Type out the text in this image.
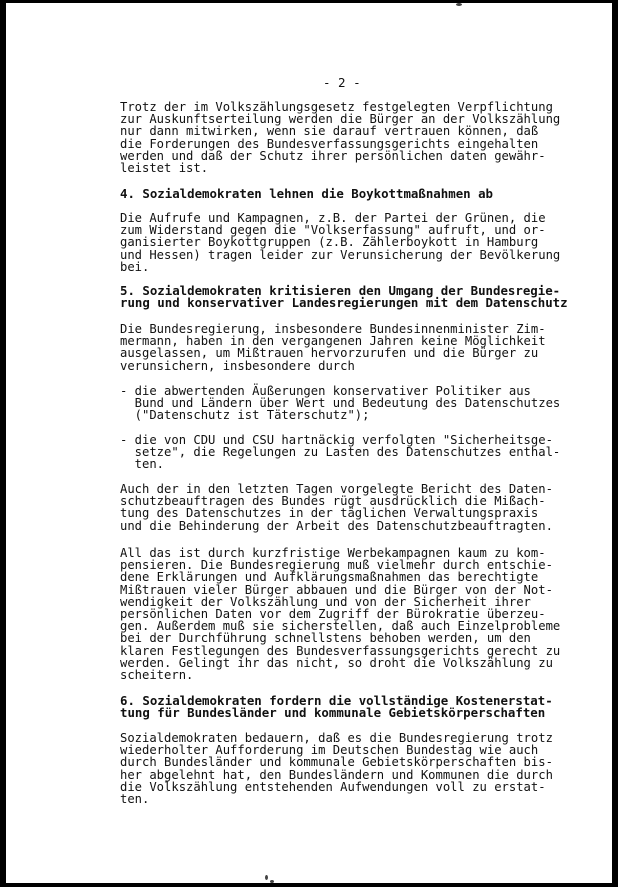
- 2 -

Trotz der im Volkszählungsgesetz festgelegten Verpflichtung
zur Auskunftserteilung werden die Bürger an der Volkszählung
nur dann mitwirken, wenn sie darauf vertrauen können, daß
die Forderungen des Bundesverfassungsgerichts eingehalten
werden und daß der Schutz ihrer persönlichen daten gewähr-
leistet ist.

4. Sozialdemokraten lehnen die Boykottmaßnahmen ab

Die Aufrufe und Kampagnen, z.B. der Partei der Grünen, die
zum Widerstand gegen die "Volkserfassung" aufruft, und or-
ganisierter Boykottgruppen (z.B. Zählerboykott in Hamburg
und Hessen) tragen leider zur Verunsicherung der Bevölkerung
bei.

5. Sozialdemokraten kritisieren den Umgang der Bundesregie-
rung und konservativer Landesregierungen mit dem Datenschutz

Die Bundesregierung, insbesondere Bundesinnenminister Zim-
mermann, haben in den vergangenen Jahren keine Möglichkeit
ausgelassen, um Mißtrauen hervorzurufen und die Bürger zu
verunsichern, insbesondere durch

- die abwertenden Äußerungen konservativer Politiker aus
Bund und Ländern über Wert und Bedeutung des Datenschutzes
("Datenschutz ist Täterschutz");

- die von CDU und CSU hartnäckig verfolgten "Sicherheitsge-
setze", die Regelungen zu Lasten des Datenschutzes enthal-
ten.

Auch der in den letzten Tagen vorgelegte Bericht des Daten-
schutzbeauftragen des Bundes rügt ausdrücklich die Mißach-
tung des Datenschutzes in der täglichen Verwaltungspraxis
und die Behinderung der Arbeit des Datenschutzbeauftragten.

All das ist durch kurzfristige Werbekampagnen kaum zu kom-
pensieren. Die Bundesregierung muß vielmehr durch entschie-
dene Erklärungen und Aufklärungsmaßnahmen das berechtigte
Mißtrauen vieler Bürger abbauen und die Bürger von der Not-
wendigkeit der Volkszählung und von der Sicherheit ihrer
persönlichen Daten vor dem Zugriff der Bürokratie überzeu-
gen. Außerdem muß sie sicherstellen, daß auch Einzelprobleme
bei der Durchführung schnellstens behoben werden, um den
klaren Festlegungen des Bundesverfassungsgerichts gerecht zu
werden. Gelingt ihr das nicht, so droht die Volkszählung zu
scheitern.

6. Sozialdemokraten fordern die vollständige Kostenerstat-
tung für Bundesländer und kommunale Gebietskörperschaften

Sozialdemokraten bedauern, daß es die Bundesregierung trotz
wiederholter Aufforderung im Deutschen Bundestag wie auch
durch Bundesländer und kommunale Gebietskörperschaften bis-
her abgelehnt hat, den Bundesländern und Kommunen die durch
die Volkszählung entstehenden Aufwendungen voll zu erstat-
ten.
